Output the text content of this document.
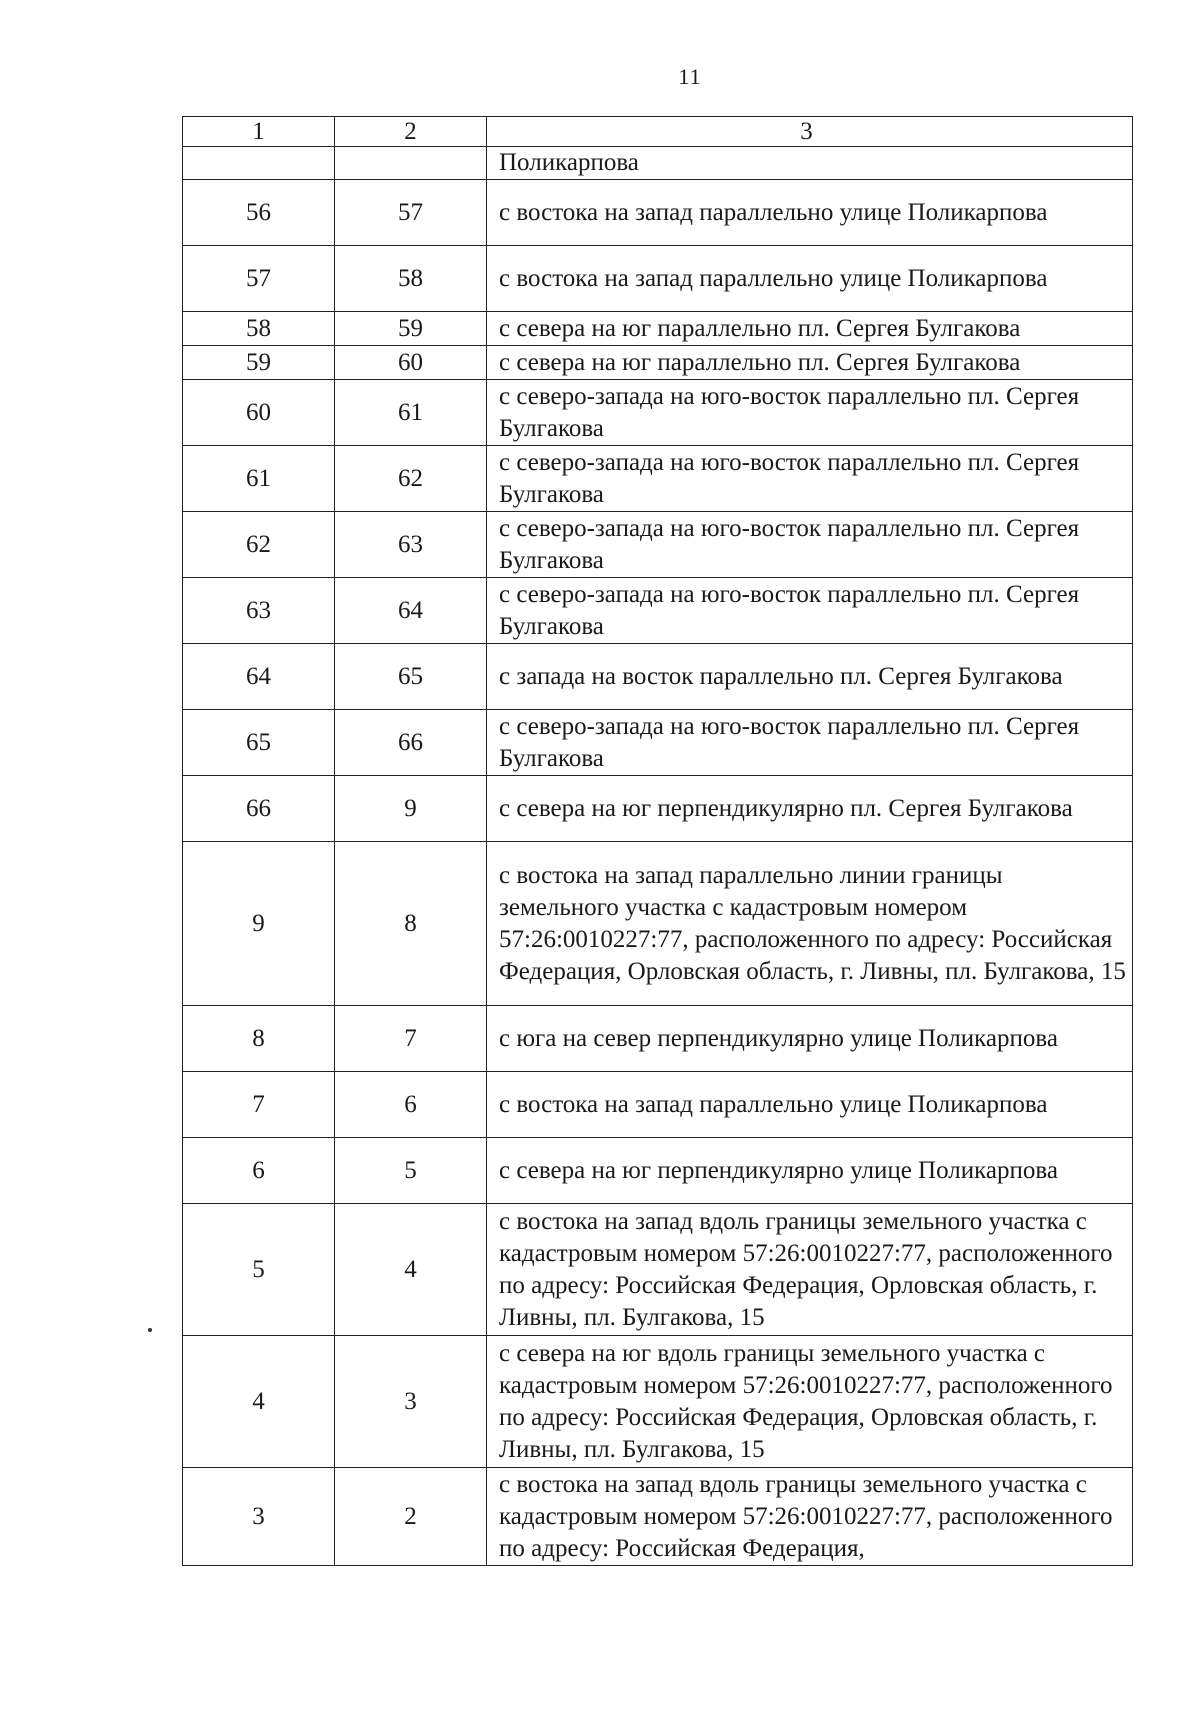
11
1	2	3
		Поликарпова
56	57	с востока на запад параллельно улице Поликарпова
57	58	с востока на запад параллельно улице Поликарпова
58	59	с севера на юг параллельно пл. Сергея Булгакова
59	60	с севера на юг параллельно пл. Сергея Булгакова
60	61	с северо-запада на юго-восток параллельно пл. Сергея Булгакова
61	62	с северо-запада на юго-восток параллельно пл. Сергея Булгакова
62	63	с северо-запада на юго-восток параллельно пл. Сергея Булгакова
63	64	с северо-запада на юго-восток параллельно пл. Сергея Булгакова
64	65	с запада на восток параллельно пл. Сергея Булгакова
65	66	с северо-запада на юго-восток параллельно пл. Сергея Булгакова
66	9	с севера на юг перпендикулярно пл. Сергея Булгакова
9	8	с востока на запад параллельно линии границы земельного участка с кадастровым номером 57:26:0010227:77, расположенного по адресу: Российская Федерация, Орловская область, г. Ливны, пл. Булгакова, 15
8	7	с юга на север перпендикулярно улице Поликарпова
7	6	с востока на запад параллельно улице Поликарпова
6	5	с севера на юг перпендикулярно улице Поликарпова
5	4	с востока на запад вдоль границы земельного участка с кадастровым номером 57:26:0010227:77, расположенного по адресу: Российская Федерация, Орловская область, г. Ливны, пл. Булгакова, 15
4	3	с севера на юг вдоль границы земельного участка с кадастровым номером 57:26:0010227:77, расположенного по адресу: Российская Федерация, Орловская область, г. Ливны, пл. Булгакова, 15
3	2	с востока на запад вдоль границы земельного участка с кадастровым номером 57:26:0010227:77, расположенного по адресу: Российская Федерация,
